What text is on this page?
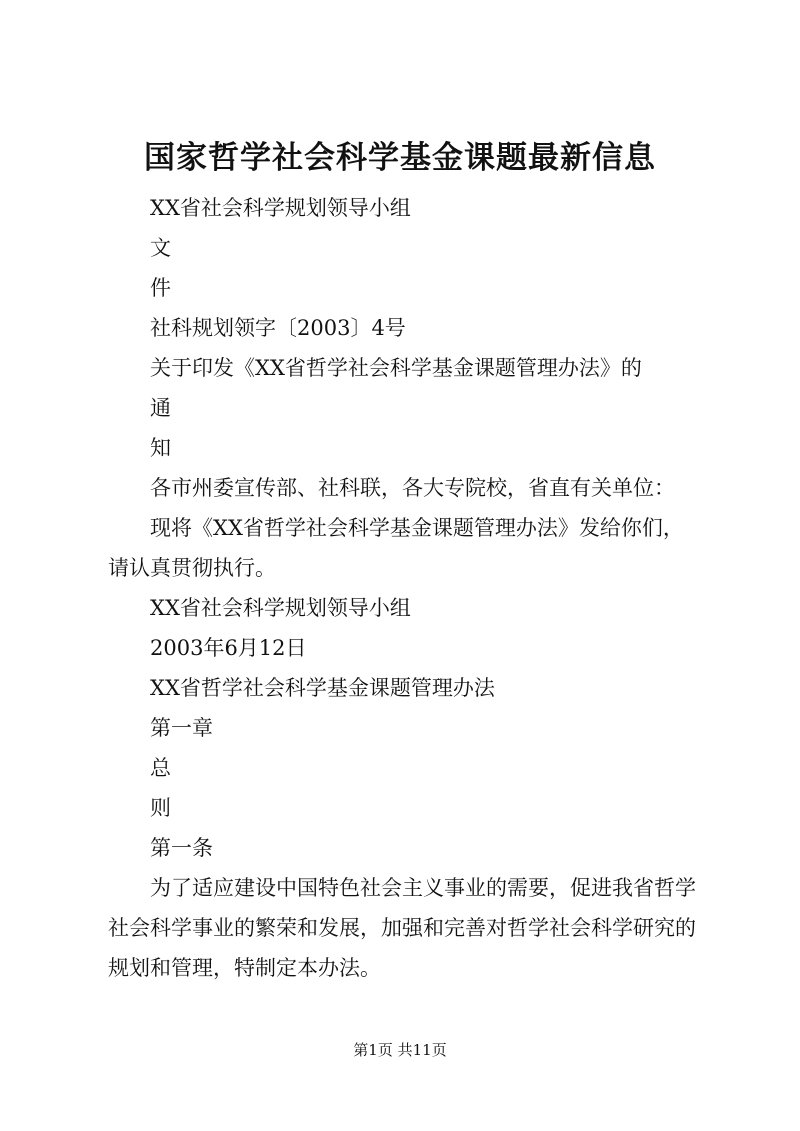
国家哲学社会科学基金课题最新信息
XX省社会科学规划领导小组
文
件
社科规划领字〔2003〕4号
关于印发《XX省哲学社会科学基金课题管理办法》的
通
知
各市州委宣传部、社科联，各大专院校，省直有关单位：
现将《XX省哲学社会科学基金课题管理办法》发给你们，
请认真贯彻执行。
XX省社会科学规划领导小组
2003年6月12日
XX省哲学社会科学基金课题管理办法
第一章
总
则
第一条
为了适应建设中国特色社会主义事业的需要，促进我省哲学
社会科学事业的繁荣和发展，加强和完善对哲学社会科学研究的
规划和管理，特制定本办法。
第1页 共11页
